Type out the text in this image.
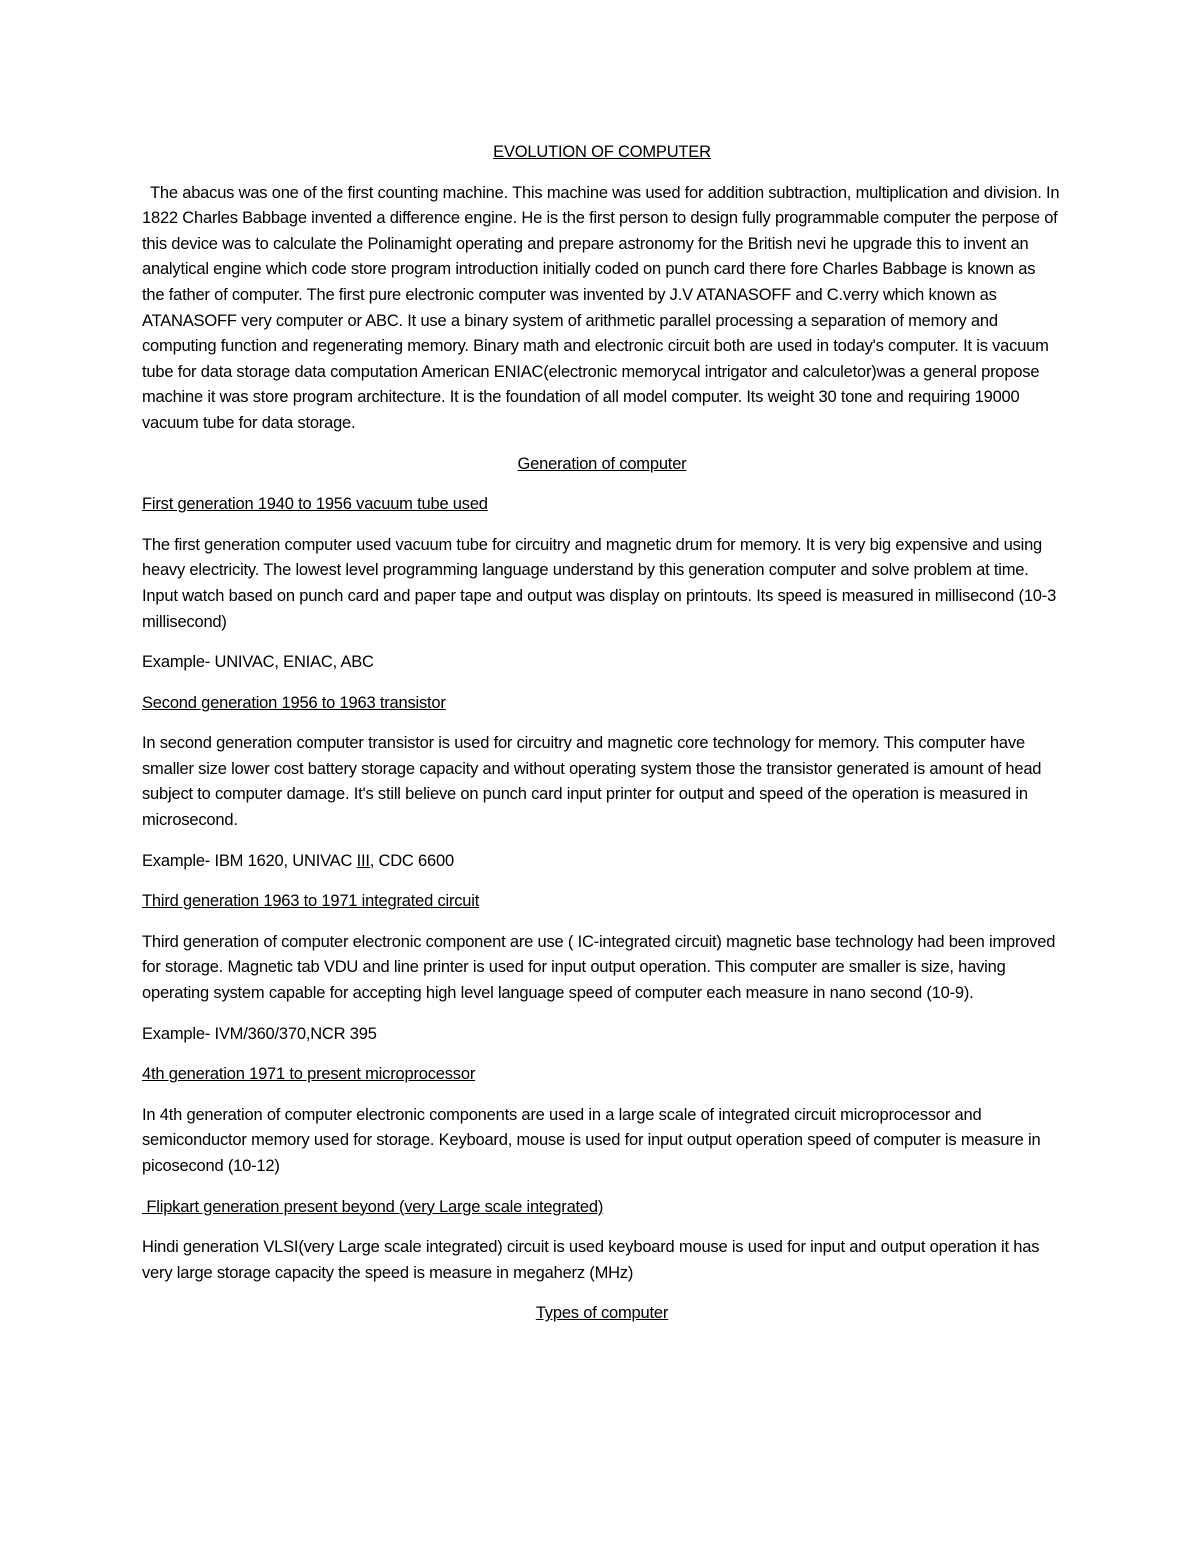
EVOLUTION OF COMPUTER

The abacus was one of the first counting machine. This machine was used for addition subtraction, multiplication and division. In 1822 Charles Babbage invented a difference engine. He is the first person to design fully programmable computer the perpose of this device was to calculate the Polinamight operating and prepare astronomy for the British nevi he upgrade this to invent an analytical engine which code store program introduction initially coded on punch card there fore Charles Babbage is known as the father of computer. The first pure electronic computer was invented by J.V ATANASOFF and C.verry which known as ATANASOFF very computer or ABC. It use a binary system of arithmetic parallel processing a separation of memory and computing function and regenerating memory. Binary math and electronic circuit both are used in today's computer. It is vacuum tube for data storage data computation American ENIAC(electronic memorycal intrigator and calculetor)was a general propose machine it was store program architecture. It is the foundation of all model computer. Its weight 30 tone and requiring 19000 vacuum tube for data storage.

Generation of computer
First generation 1940 to 1956 vacuum tube used

The first generation computer used vacuum tube for circuitry and magnetic drum for memory. It is very big expensive and using heavy electricity. The lowest level programming language understand by this generation computer and solve problem at time. Input watch based on punch card and paper tape and output was display on printouts. Its speed is measured in millisecond (10-3 millisecond)

Example- UNIVAC, ENIAC, ABC

Second generation 1956 to 1963 transistor

In second generation computer transistor is used for circuitry and magnetic core technology for memory. This computer have smaller size lower cost battery storage capacity and without operating system those the transistor generated is amount of head subject to computer damage. It's still believe on punch card input printer for output and speed of the operation is measured in microsecond.

Example- IBM 1620, UNIVAC III, CDC 6600

Third generation 1963 to 1971 integrated circuit

Third generation of computer electronic component are use ( IC-integrated circuit) magnetic base technology had been improved for storage. Magnetic tab VDU and line printer is used for input output operation. This computer are smaller is size, having operating system capable for accepting high level language speed of computer each measure in nano second (10-9).

Example- IVM/360/370,NCR 395

4th generation 1971 to present microprocessor

In 4th generation of computer electronic components are used in a large scale of integrated circuit microprocessor and semiconductor memory used for storage. Keyboard, mouse is used for input output operation speed of computer is measure in picosecond (10-12)

Flipkart generation present beyond (very Large scale integrated)

Hindi generation VLSI(very Large scale integrated) circuit is used keyboard mouse is used for input and output operation it has very large storage capacity the speed is measure in megaherz (MHz)

Types of computer
